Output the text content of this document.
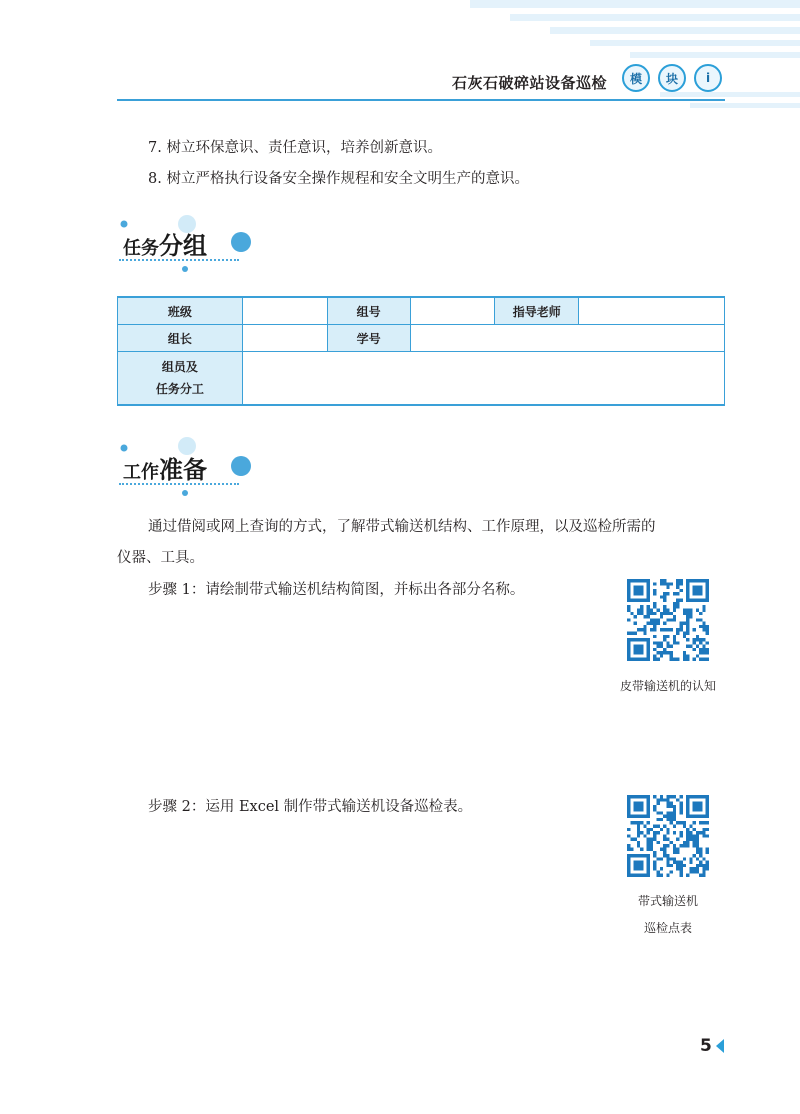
石灰石破碎站设备巡检	模	块	i
7. 树立环保意识、责任意识，培养创新意识。
8. 树立严格执行设备安全操作规程和安全文明生产的意识。
任务分组
班级		组号		指导老师	
组长		学号			

组员及
任务分工					

工作准备
通过借阅或网上查询的方式，了解带式输送机结构、工作原理，以及巡检所需的
仪器、工具。
步骤 1：请绘制带式输送机结构简图，并标出各部分名称。
皮带输送机的认知
步骤 2：运用 Excel 制作带式输送机设备巡检表。
带式输送机
巡检点表
5
